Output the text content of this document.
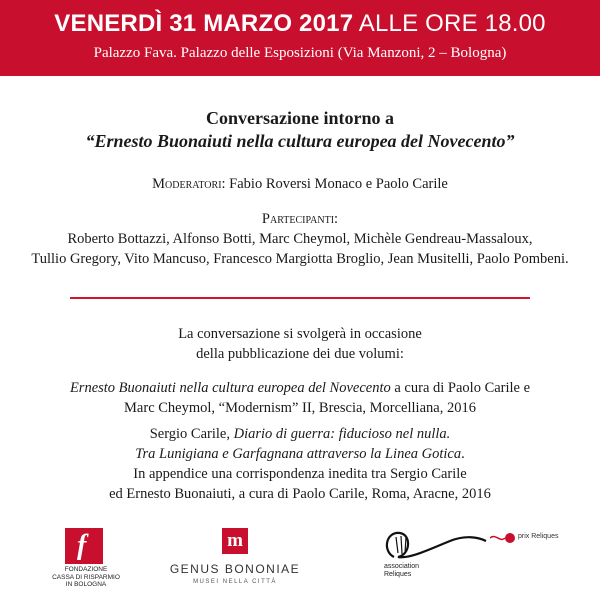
VENERDÌ 31 MARZO 2017 ALLE ORE 18.00
Palazzo Fava. Palazzo delle Esposizioni (Via Manzoni, 2 – Bologna)
Conversazione intorno a
“Ernesto Buonaiuti nella cultura europea del Novecento”
Moderatori: Fabio Roversi Monaco e Paolo Carile
Partecipanti:
Roberto Bottazzi, Alfonso Botti, Marc Cheymol, Michèle Gendreau-Massaloux,
Tullio Gregory, Vito Mancuso, Francesco Margiotta Broglio, Jean Musitelli, Paolo Pombeni.
La conversazione si svolgerà in occasione
della pubblicazione dei due volumi:
Ernesto Buonaiuti nella cultura europea del Novecento a cura di Paolo Carile e
Marc Cheymol, “Modernism” II, Brescia, Morcelliana, 2016
Sergio Carile, Diario di guerra: fiducioso nel nulla.
Tra Lunigiana e Garfagnana attraverso la Linea Gotica.
In appendice una corrispondenza inedita tra Sergio Carile
ed Ernesto Buonaiuti, a cura di Paolo Carile, Roma, Aracne, 2016
f
FONDAZIONE
CASSA DI RISPARMIO
IN BOLOGNA
m
GENUS BONONIAE
MUSEI NELLA CITTÀ
association
Reliques
prix Reliques
